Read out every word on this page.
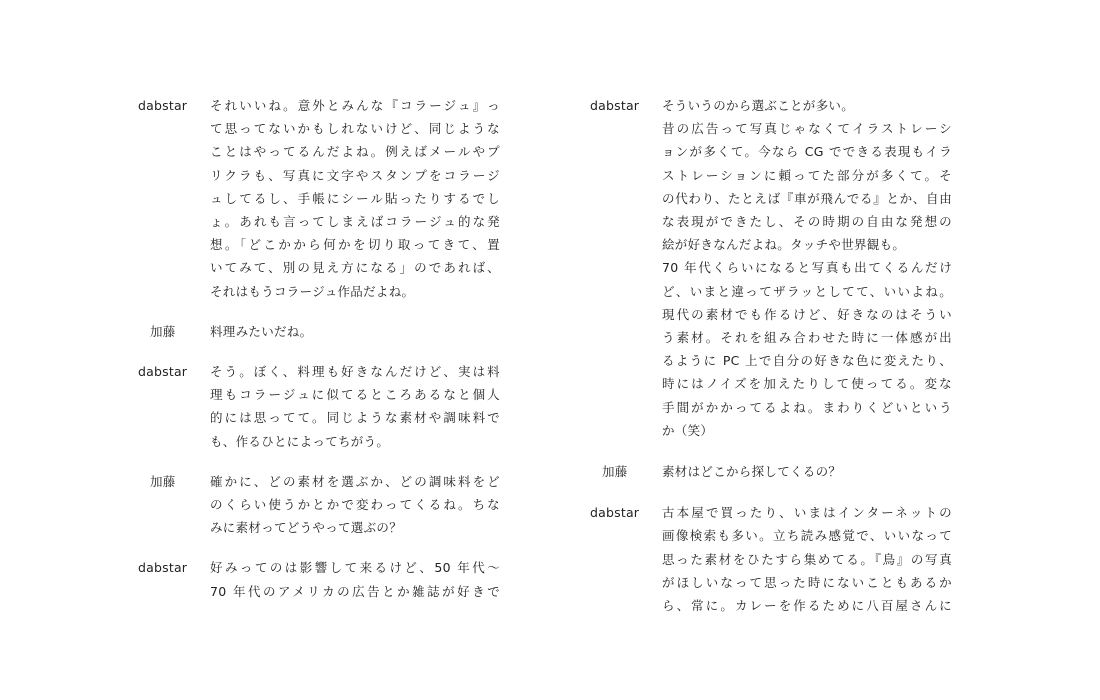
dabstar	それいいね。意外とみんな『コラージュ』っ
て思ってないかもしれないけど、同じような
ことはやってるんだよね。例えばメールやプ
リクラも、写真に文字やスタンプをコラージ
ュしてるし、手帳にシール貼ったりするでし
ょ。あれも言ってしまえばコラージュ的な発
想。「どこかから何かを切り取ってきて、置
いてみて、別の見え方になる」のであれば、
それはもうコラージュ作品だよね。
加藤	料理みたいだね。
dabstar	そう。ぼく、料理も好きなんだけど、実は料
理もコラージュに似てるところあるなと個人
的には思ってて。同じような素材や調味料で
も、作るひとによってちがう。
加藤	確かに、どの素材を選ぶか、どの調味料をど
のくらい使うかとかで変わってくるね。ちな
みに素材ってどうやって選ぶの？
dabstar	好みってのは影響して来るけど、50 年代〜
70 年代のアメリカの広告とか雑誌が好きで
dabstar	そういうのから選ぶことが多い。
昔の広告って写真じゃなくてイラストレーシ
ョンが多くて。今なら CG でできる表現もイラ
ストレーションに頼ってた部分が多くて。そ
の代わり、たとえば『車が飛んでる』とか、自由
な表現ができたし、その時期の自由な発想の
絵が好きなんだよね。タッチや世界観も。
70 年代くらいになると写真も出てくるんだけ
ど、いまと違ってザラッとしてて、いいよね。
現代の素材でも作るけど、好きなのはそうい
う素材。それを組み合わせた時に一体感が出
るように PC 上で自分の好きな色に変えたり、
時にはノイズを加えたりして使ってる。変な
手間がかかってるよね。まわりくどいという
か（笑）
加藤	素材はどこから探してくるの？
dabstar	古本屋で買ったり、いまはインターネットの
画像検索も多い。立ち読み感覚で、いいなって
思った素材をひたすら集めてる。『鳥』の写真
がほしいなって思った時にないこともあるか
ら、常に。カレーを作るために八百屋さんに
